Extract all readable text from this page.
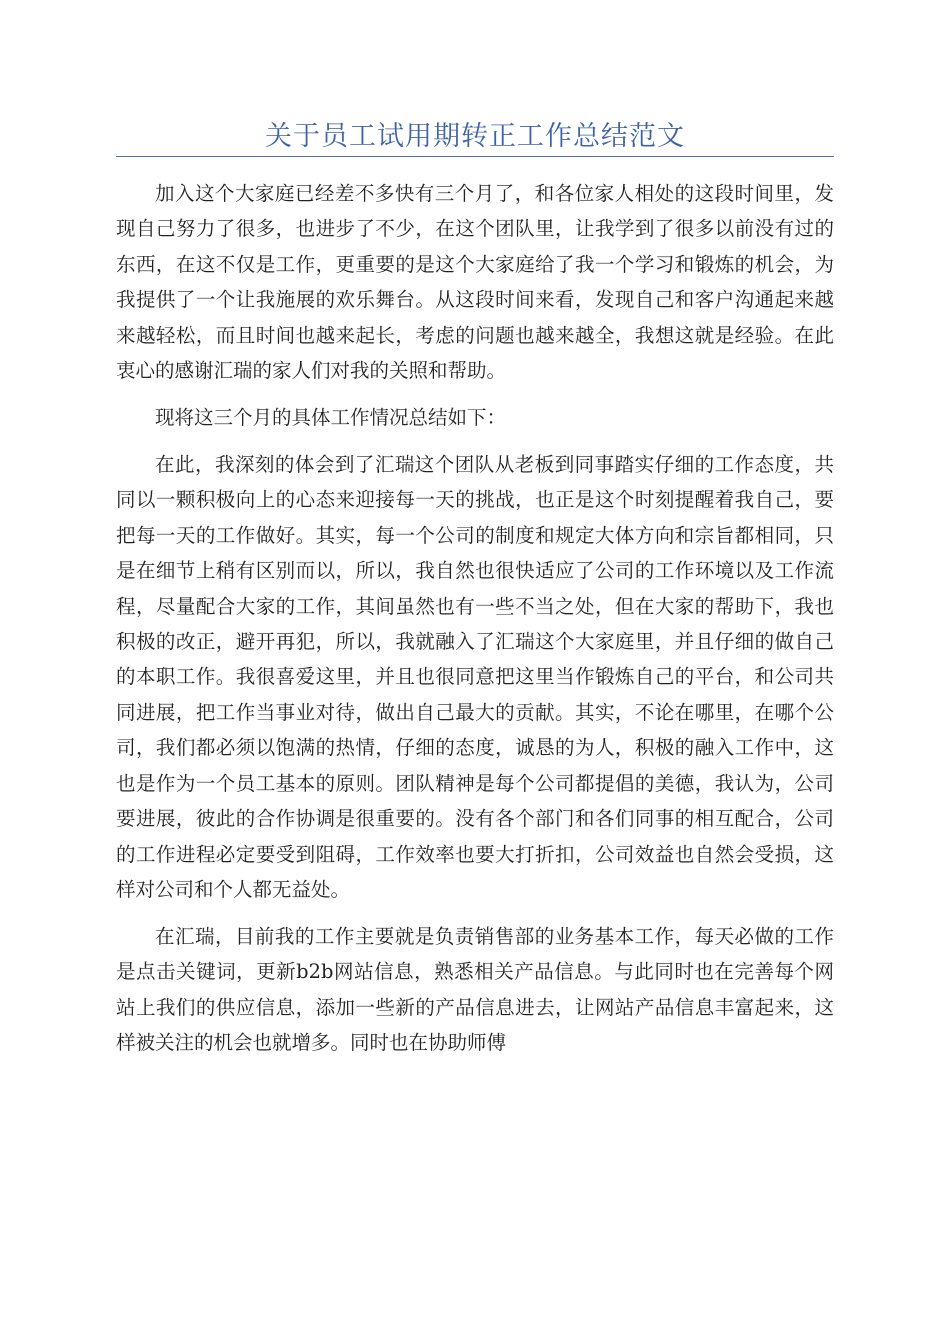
关于员工试用期转正工作总结范文

加入这个大家庭已经差不多快有三个月了，和各位家人相处的这段时间里，发现自己努力了很多，也进步了不少，在这个团队里，让我学到了很多以前没有过的东西，在这不仅是工作，更重要的是这个大家庭给了我一个学习和锻炼的机会，为我提供了一个让我施展的欢乐舞台。从这段时间来看，发现自己和客户沟通起来越来越轻松，而且时间也越来起长，考虑的问题也越来越全，我想这就是经验。在此衷心的感谢汇瑞的家人们对我的关照和帮助。

现将这三个月的具体工作情况总结如下：

在此，我深刻的体会到了汇瑞这个团队从老板到同事踏实仔细的工作态度，共同以一颗积极向上的心态来迎接每一天的挑战，也正是这个时刻提醒着我自己，要把每一天的工作做好。其实，每一个公司的制度和规定大体方向和宗旨都相同，只是在细节上稍有区别而以，所以，我自然也很快适应了公司的工作环境以及工作流程，尽量配合大家的工作，其间虽然也有一些不当之处，但在大家的帮助下，我也积极的改正，避开再犯，所以，我就融入了汇瑞这个大家庭里，并且仔细的做自己的本职工作。我很喜爱这里，并且也很同意把这里当作锻炼自己的平台，和公司共同进展，把工作当事业对待，做出自己最大的贡献。其实，不论在哪里，在哪个公司，我们都必须以饱满的热情，仔细的态度，诚恳的为人，积极的融入工作中，这也是作为一个员工基本的原则。团队精神是每个公司都提倡的美德，我认为，公司要进展，彼此的合作协调是很重要的。没有各个部门和各们同事的相互配合，公司的工作进程必定要受到阻碍，工作效率也要大打折扣，公司效益也自然会受损，这样对公司和个人都无益处。

在汇瑞，目前我的工作主要就是负责销售部的业务基本工作，每天必做的工作是点击关键词，更新b2b网站信息，熟悉相关产品信息。与此同时也在完善每个网站上我们的供应信息，添加一些新的产品信息进去，让网站产品信息丰富起来，这样被关注的机会也就增多。同时也在协助师傅
